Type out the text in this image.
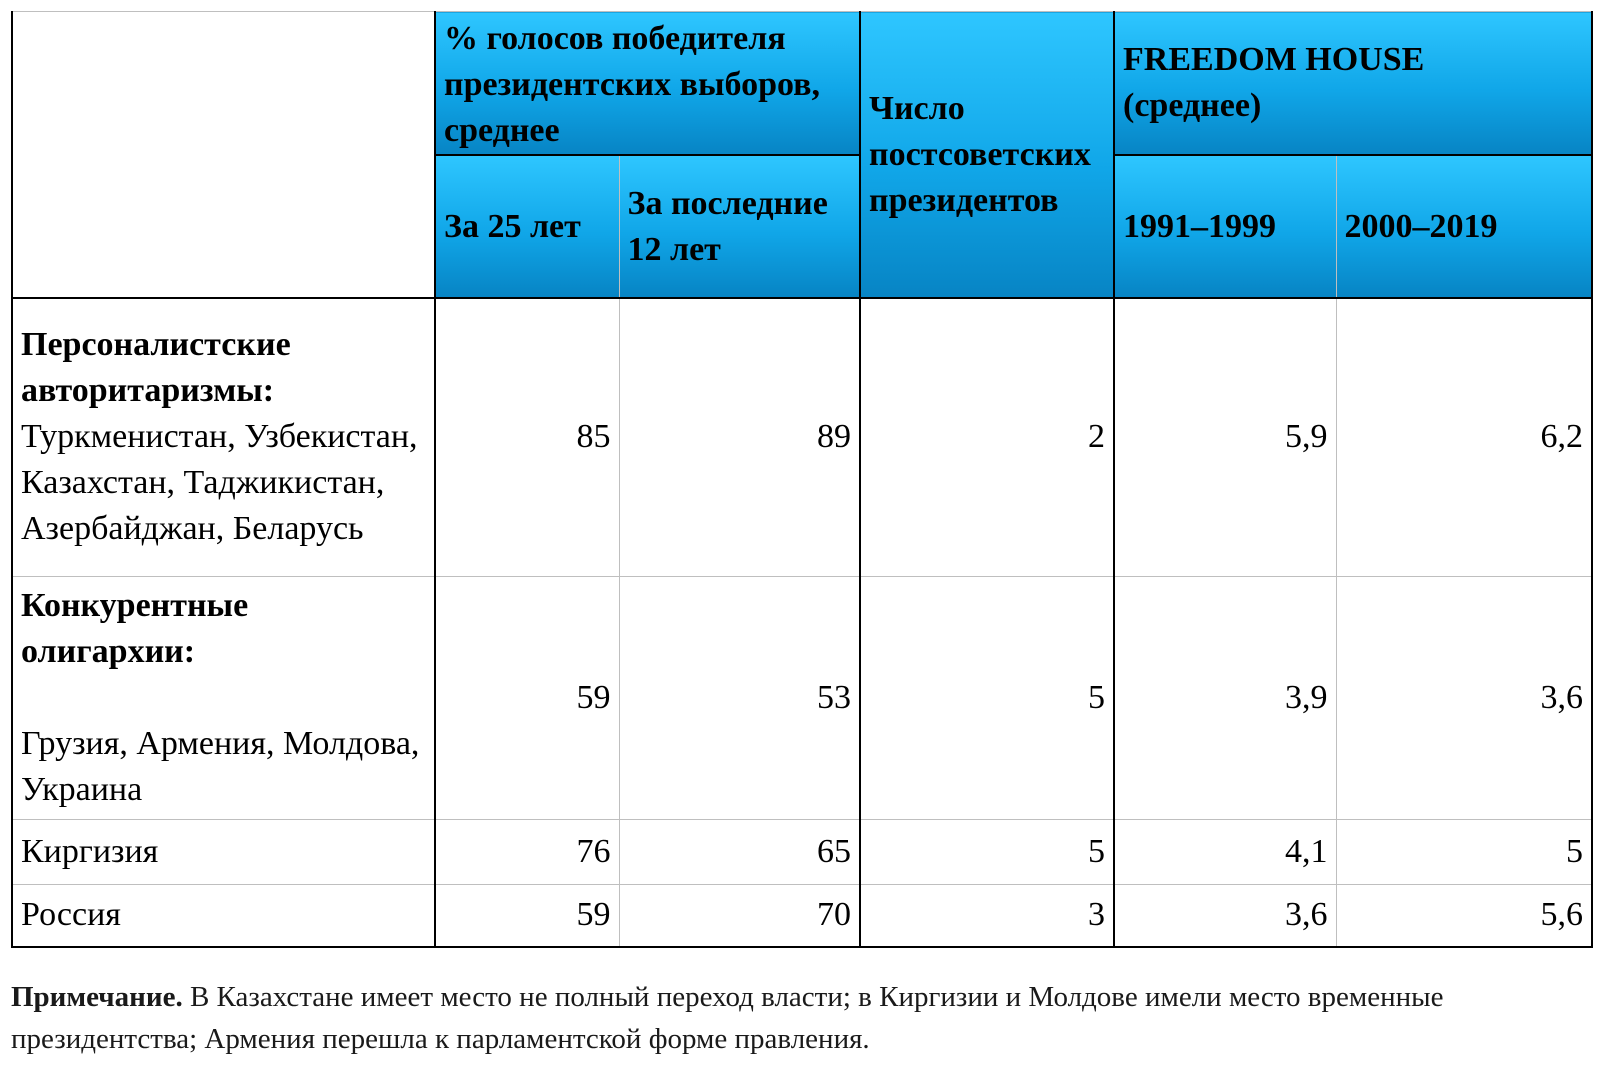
	% голосов победителя президентских выборов, среднее		Число постсоветских президентов	FREEDOM HOUSE
(среднее)	

	За 25 лет	За последние 12 лет		1991–1999	2000–2019

Персоналистские авторитаризмы:
Туркменистан, Узбекистан, Казахстан, Таджикистан, Азербайджан, Беларусь	85	89	2	5,9	6,2

Конкурентные олигархии:
Грузия, Армения, Молдова, Украина	59	53	5	3,9	3,6
Киргизия	76	65	5	4,1	5
Россия	59	70	3	3,6	5,6
Примечание. В Казахстане имеет место не полный переход власти; в Киргизии и Молдове имели место временные президентства; Армения перешла к парламентской форме правления.
